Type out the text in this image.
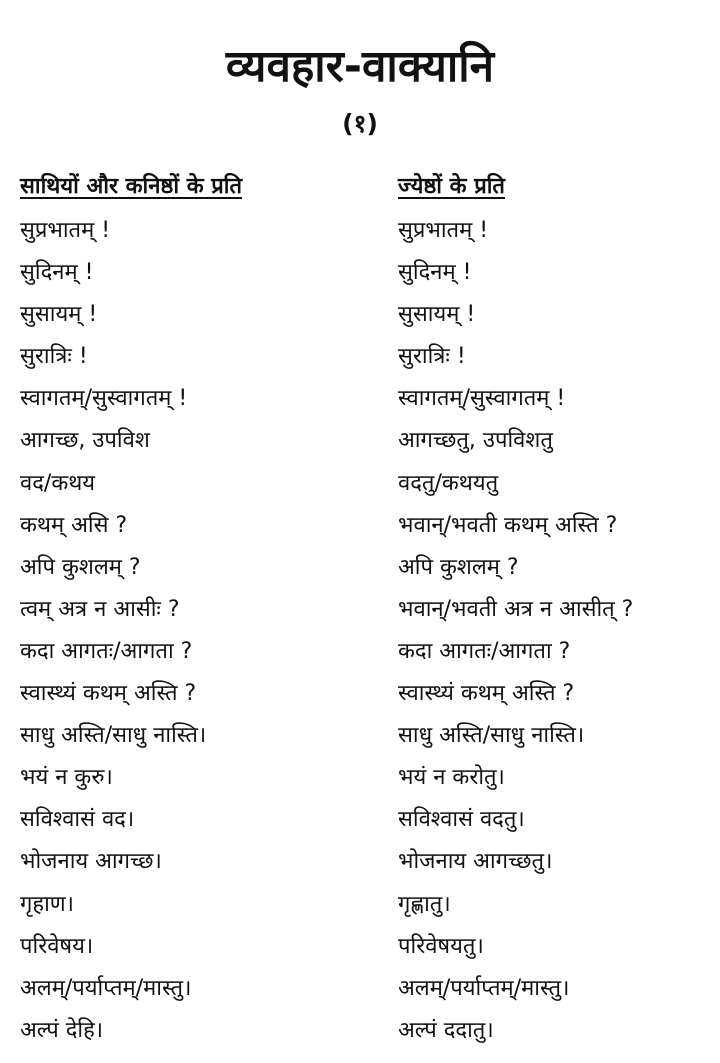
व्यवहार-वाक्यानि
(१)
साथियों और कनिष्ठों के प्रति
सुप्रभातम् !
सुदिनम् !
सुसायम् !
सुरात्रिः !
स्वागतम्/सुस्वागतम् !
आगच्छ, उपविश
वद/कथय
कथम् असि ?
अपि कुशलम् ?
त्वम् अत्र न आसीः ?
कदा आगतः/आगता ?
स्वास्थ्यं कथम् अस्ति ?
साधु अस्ति/साधु नास्ति।
भयं न कुरु।
सविश्वासं वद।
भोजनाय आगच्छ।
गृहाण।
परिवेषय।
अलम्/पर्याप्तम्/मास्तु।
अल्पं देहि।
ज्येष्ठों के प्रति
सुप्रभातम् !
सुदिनम् !
सुसायम् !
सुरात्रिः !
स्वागतम्/सुस्वागतम् !
आगच्छतु, उपविशतु
वदतु/कथयतु
भवान्/भवती कथम् अस्ति ?
अपि कुशलम् ?
भवान्/भवती अत्र न आसीत् ?
कदा आगतः/आगता ?
स्वास्थ्यं कथम् अस्ति ?
साधु अस्ति/साधु नास्ति।
भयं न करोतु।
सविश्वासं वदतु।
भोजनाय आगच्छतु।
गृह्णातु।
परिवेषयतु।
अलम्/पर्याप्तम्/मास्तु।
अल्पं ददातु।
